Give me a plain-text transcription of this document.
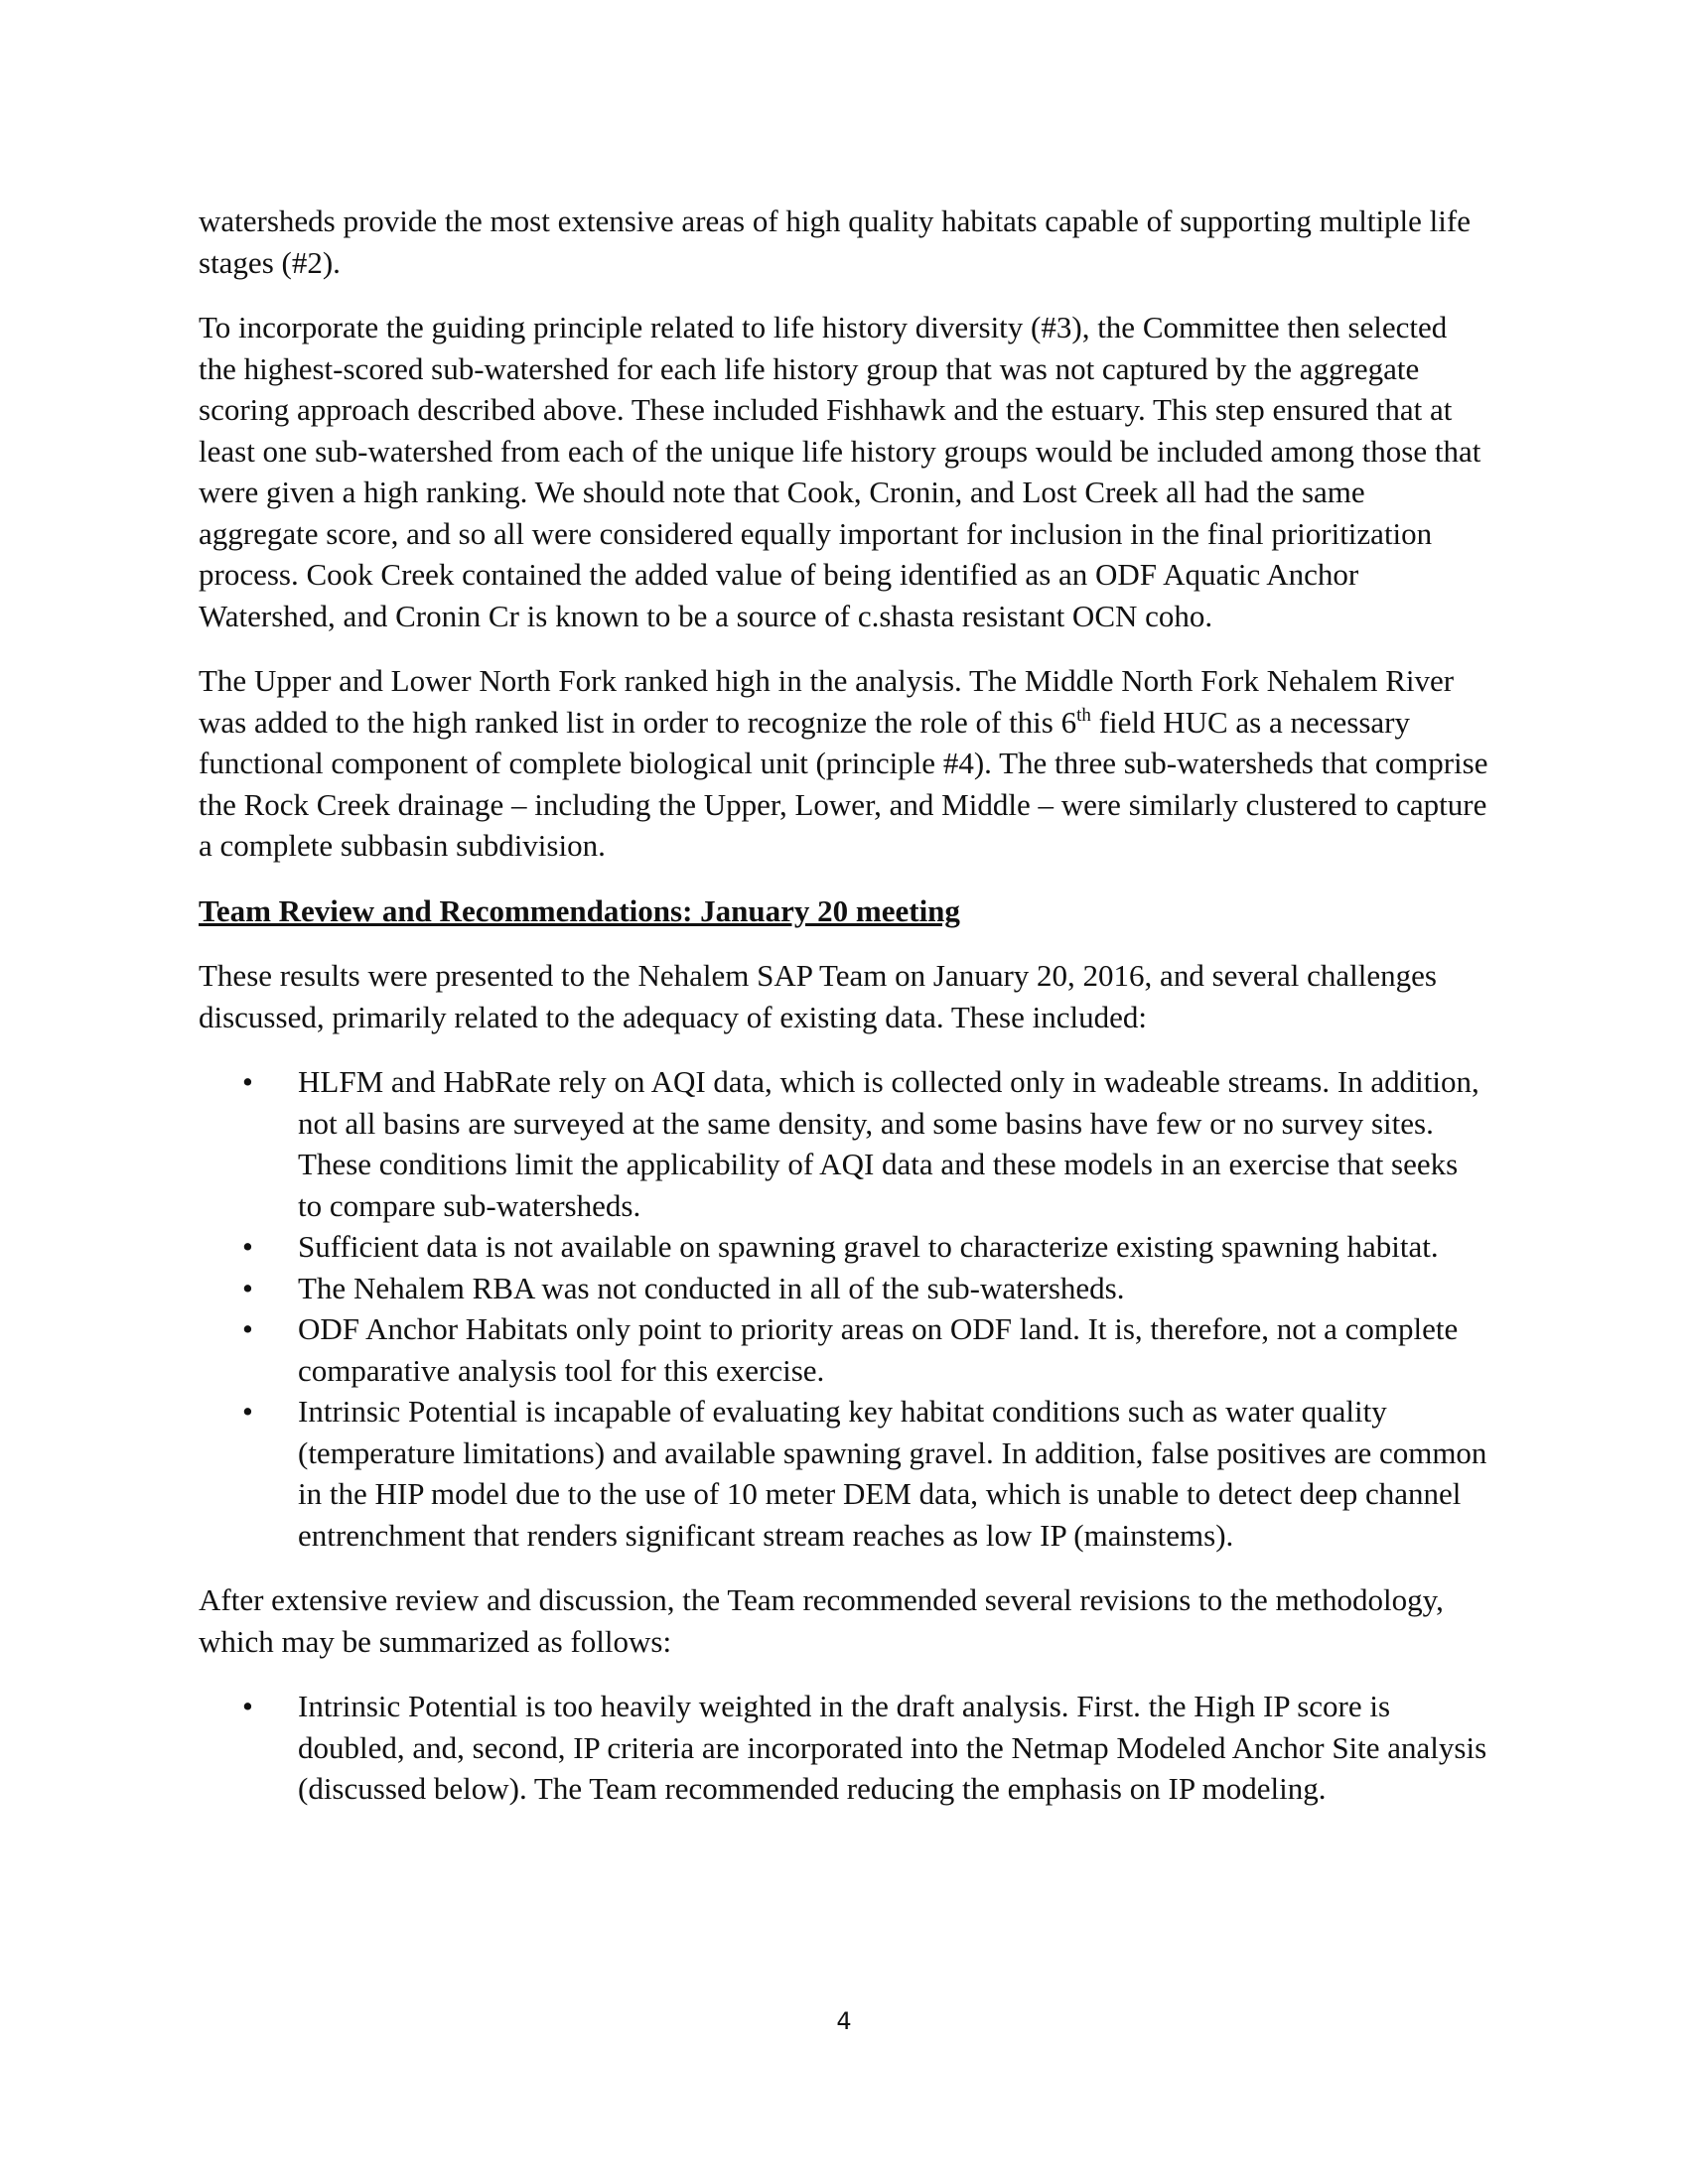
watersheds provide the most extensive areas of high quality habitats capable of supporting multiple life stages (#2).

To incorporate the guiding principle related to life history diversity (#3), the Committee then selected the highest-scored sub-watershed for each life history group that was not captured by the aggregate scoring approach described above. These included Fishhawk and the estuary. This step ensured that at least one sub-watershed from each of the unique life history groups would be included among those that were given a high ranking. We should note that Cook, Cronin, and Lost Creek all had the same aggregate score, and so all were considered equally important for inclusion in the final prioritization process. Cook Creek contained the added value of being identified as an ODF Aquatic Anchor Watershed, and Cronin Cr is known to be a source of c.shasta resistant OCN coho.

The Upper and Lower North Fork ranked high in the analysis. The Middle North Fork Nehalem River was added to the high ranked list in order to recognize the role of this 6th field HUC as a necessary functional component of complete biological unit (principle #4). The three sub-watersheds that comprise the Rock Creek drainage – including the Upper, Lower, and Middle – were similarly clustered to capture a complete subbasin subdivision.

Team Review and Recommendations: January 20 meeting

These results were presented to the Nehalem SAP Team on January 20, 2016, and several challenges discussed, primarily related to the adequacy of existing data. These included:

• HLFM and HabRate rely on AQI data, which is collected only in wadeable streams. In addition, not all basins are surveyed at the same density, and some basins have few or no survey sites. These conditions limit the applicability of AQI data and these models in an exercise that seeks to compare sub-watersheds.
• Sufficient data is not available on spawning gravel to characterize existing spawning habitat.
• The Nehalem RBA was not conducted in all of the sub-watersheds.
• ODF Anchor Habitats only point to priority areas on ODF land. It is, therefore, not a complete comparative analysis tool for this exercise.
• Intrinsic Potential is incapable of evaluating key habitat conditions such as water quality (temperature limitations) and available spawning gravel. In addition, false positives are common in the HIP model due to the use of 10 meter DEM data, which is unable to detect deep channel entrenchment that renders significant stream reaches as low IP (mainstems).

After extensive review and discussion, the Team recommended several revisions to the methodology, which may be summarized as follows:

• Intrinsic Potential is too heavily weighted in the draft analysis. First. the High IP score is doubled, and, second, IP criteria are incorporated into the Netmap Modeled Anchor Site analysis (discussed below). The Team recommended reducing the emphasis on IP modeling.
4
